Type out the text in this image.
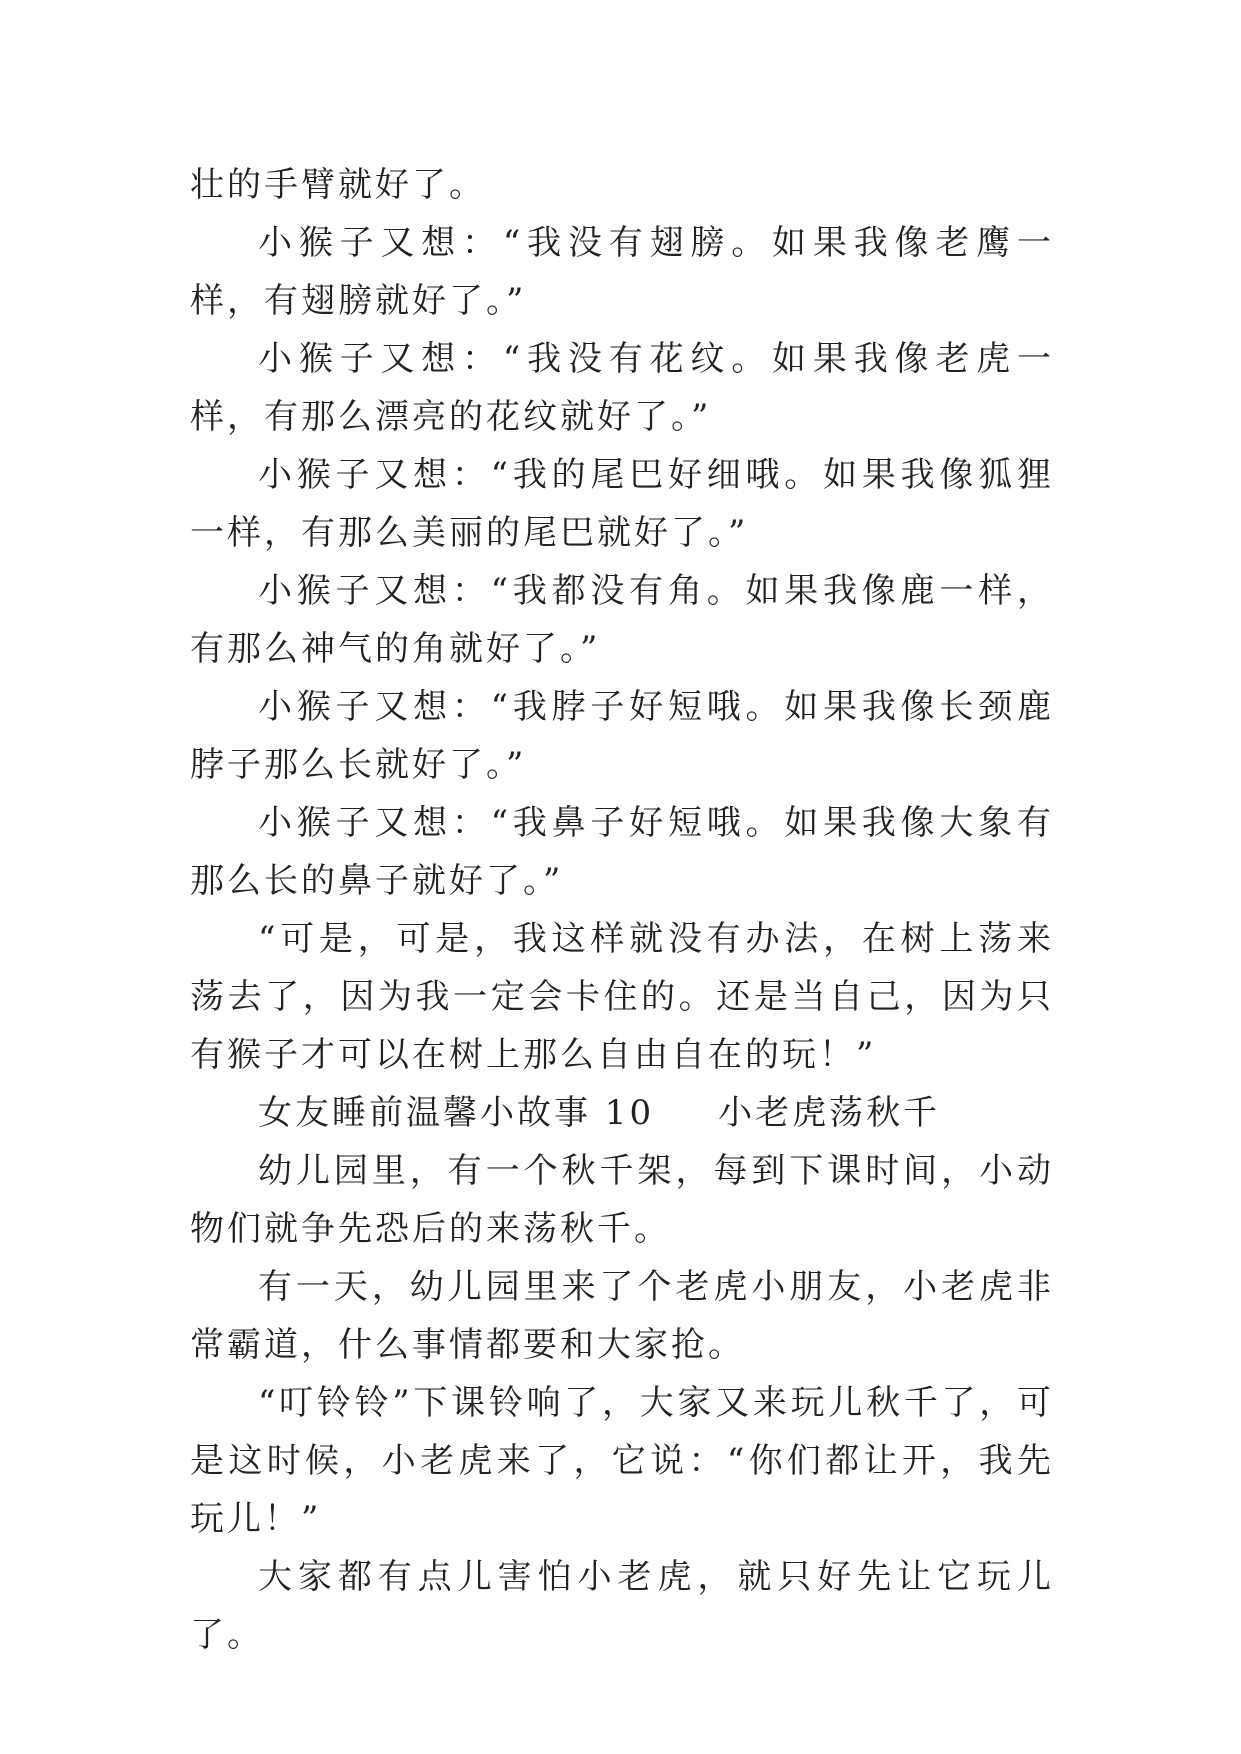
壮的手臂就好了。

小猴子又想：“我没有翅膀。如果我像老鹰一样，有翅膀就好了。”

小猴子又想：“我没有花纹。如果我像老虎一样，有那么漂亮的花纹就好了。”

小猴子又想：“我的尾巴好细哦。如果我像狐狸一样，有那么美丽的尾巴就好了。”

小猴子又想：“我都没有角。如果我像鹿一样，有那么神气的角就好了。”

小猴子又想：“我脖子好短哦。如果我像长颈鹿脖子那么长就好了。”

小猴子又想：“我鼻子好短哦。如果我像大象有那么长的鼻子就好了。”

“可是，可是，我这样就没有办法，在树上荡来荡去了，因为我一定会卡住的。还是当自己，因为只有猴子才可以在树上那么自由自在的玩！”

女友睡前温馨小故事 10 小老虎荡秋千

幼儿园里，有一个秋千架，每到下课时间，小动物们就争先恐后的来荡秋千。

有一天，幼儿园里来了个老虎小朋友，小老虎非常霸道，什么事情都要和大家抢。

“叮铃铃”下课铃响了，大家又来玩儿秋千了，可是这时候，小老虎来了，它说：“你们都让开，我先玩儿！”

大家都有点儿害怕小老虎，就只好先让它玩儿了。
